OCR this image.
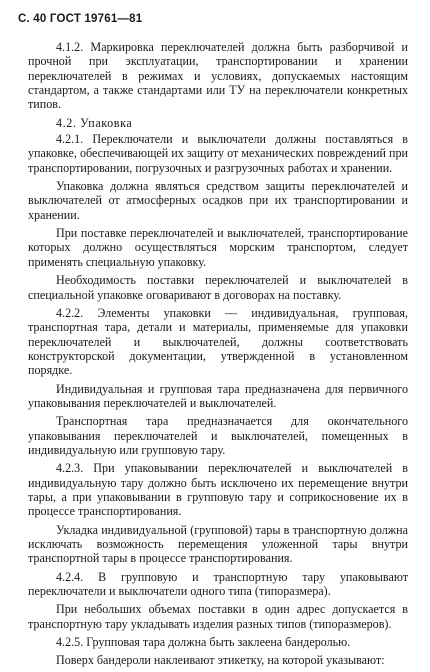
С. 40 ГОСТ 19761—81

4.1.2. Маркировка переключателей должна быть разборчивой и прочной при эксплуатации, транспортировании и хранении переключателей в режимах и условиях, допускаемых настоящим стандартом, а также стандартами или ТУ на переключатели конкретных типов.

4.2. Упаковка

4.2.1. Переключатели и выключатели должны поставляться в упаковке, обеспечивающей их защиту от механических повреждений при транспортировании, погрузочных и разгрузочных работах и хранении.

Упаковка должна являться средством защиты переключателей и выключателей от атмосферных осадков при их транспортировании и хранении.

При поставке переключателей и выключателей, транспортирование которых должно осуществляться морским транспортом, следует применять специальную упаковку.

Необходимость поставки переключателей и выключателей в специальной упаковке оговаривают в договорах на поставку.

4.2.2. Элементы упаковки — индивидуальная, групповая, транспортная тара, детали и материалы, применяемые для упаковки переключателей и выключателей, должны соответствовать конструкторской документации, утвержденной в установленном порядке.

Индивидуальная и групповая тара предназначена для первичного упаковывания переключателей и выключателей.

Транспортная тара предназначается для окончательного упаковывания переключателей и выключателей, помещенных в индивидуальную или групповую тару.

4.2.3. При упаковывании переключателей и выключателей в индивидуальную тару должно быть исключено их перемещение внутри тары, а при упаковывании в групповую тару и соприкосновение их в процессе транспортирования.

Укладка индивидуальной (групповой) тары в транспортную должна исключать возможность перемещения уложенной тары внутри транспортной тары в процессе транспортирования.

4.2.4. В групповую и транспортную тару упаковывают переключатели и выключатели одного типа (типоразмера).

При небольших объемах поставки в один адрес допускается в транспортную тару укладывать изделия разных типов (типоразмеров).

4.2.5. Групповая тара должна быть заклеена бандеролью.

Поверх бандероли наклеивают этикетку, на которой указывают:
